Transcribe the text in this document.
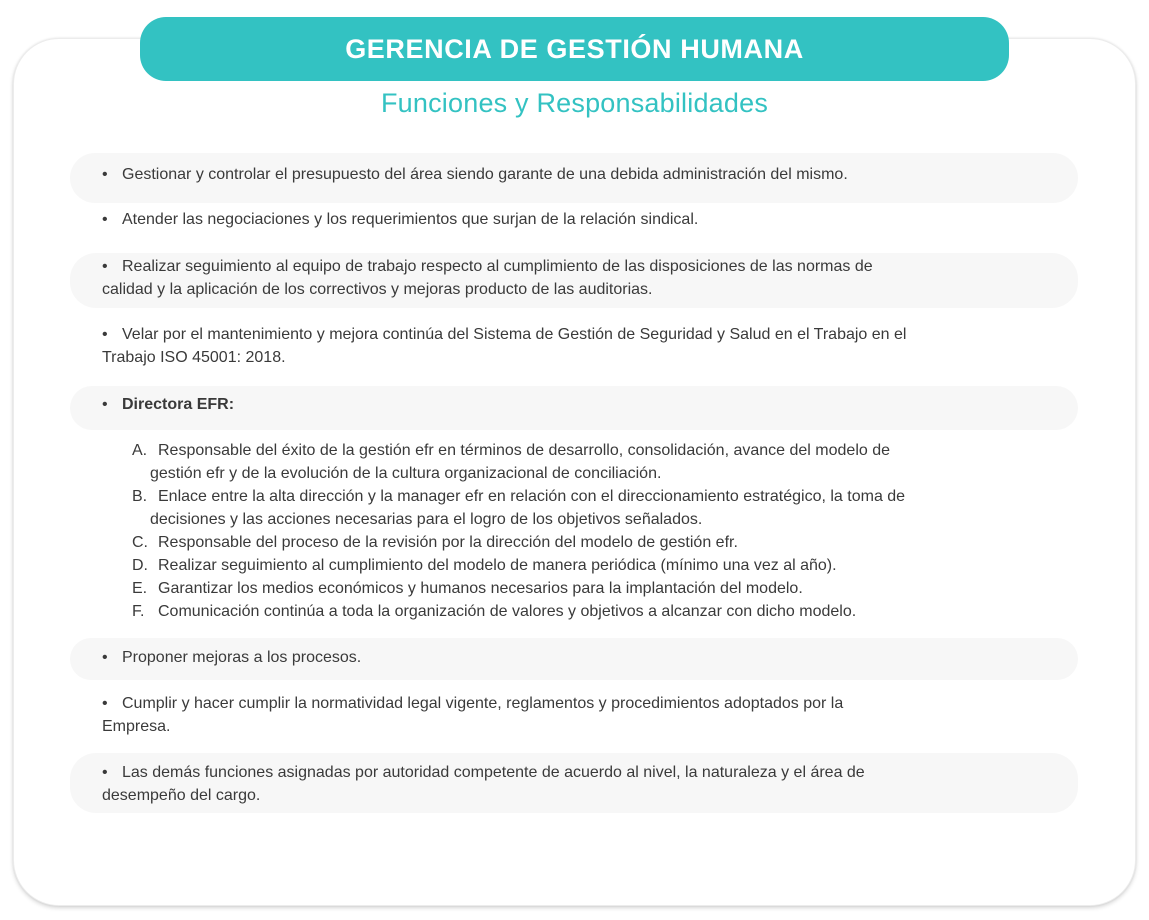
GERENCIA DE GESTIÓN HUMANA
Funciones y Responsabilidades
• Gestionar y controlar el presupuesto del área siendo garante de una debida administración del mismo.
• Atender las negociaciones y los requerimientos que surjan de la relación sindical.
• Realizar seguimiento al equipo de trabajo respecto al cumplimiento de las disposiciones de las normas de
calidad y la aplicación de los correctivos y mejoras producto de las auditorias.
• Velar por el mantenimiento y mejora continúa del Sistema de Gestión de Seguridad y Salud en el Trabajo en el
Trabajo ISO 45001: 2018.
• Directora EFR:
A. Responsable del éxito de la gestión efr en términos de desarrollo, consolidación, avance del modelo de
gestión efr y de la evolución de la cultura organizacional de conciliación.
B. Enlace entre la alta dirección y la manager efr en relación con el direccionamiento estratégico, la toma de
decisiones y las acciones necesarias para el logro de los objetivos señalados.
C. Responsable del proceso de la revisión por la dirección del modelo de gestión efr.
D. Realizar seguimiento al cumplimiento del modelo de manera periódica (mínimo una vez al año).
E. Garantizar los medios económicos y humanos necesarios para la implantación del modelo.
F. Comunicación continúa a toda la organización de valores y objetivos a alcanzar con dicho modelo.
• Proponer mejoras a los procesos.
• Cumplir y hacer cumplir la normatividad legal vigente, reglamentos y procedimientos adoptados por la
Empresa.
• Las demás funciones asignadas por autoridad competente de acuerdo al nivel, la naturaleza y el área de
desempeño del cargo.
